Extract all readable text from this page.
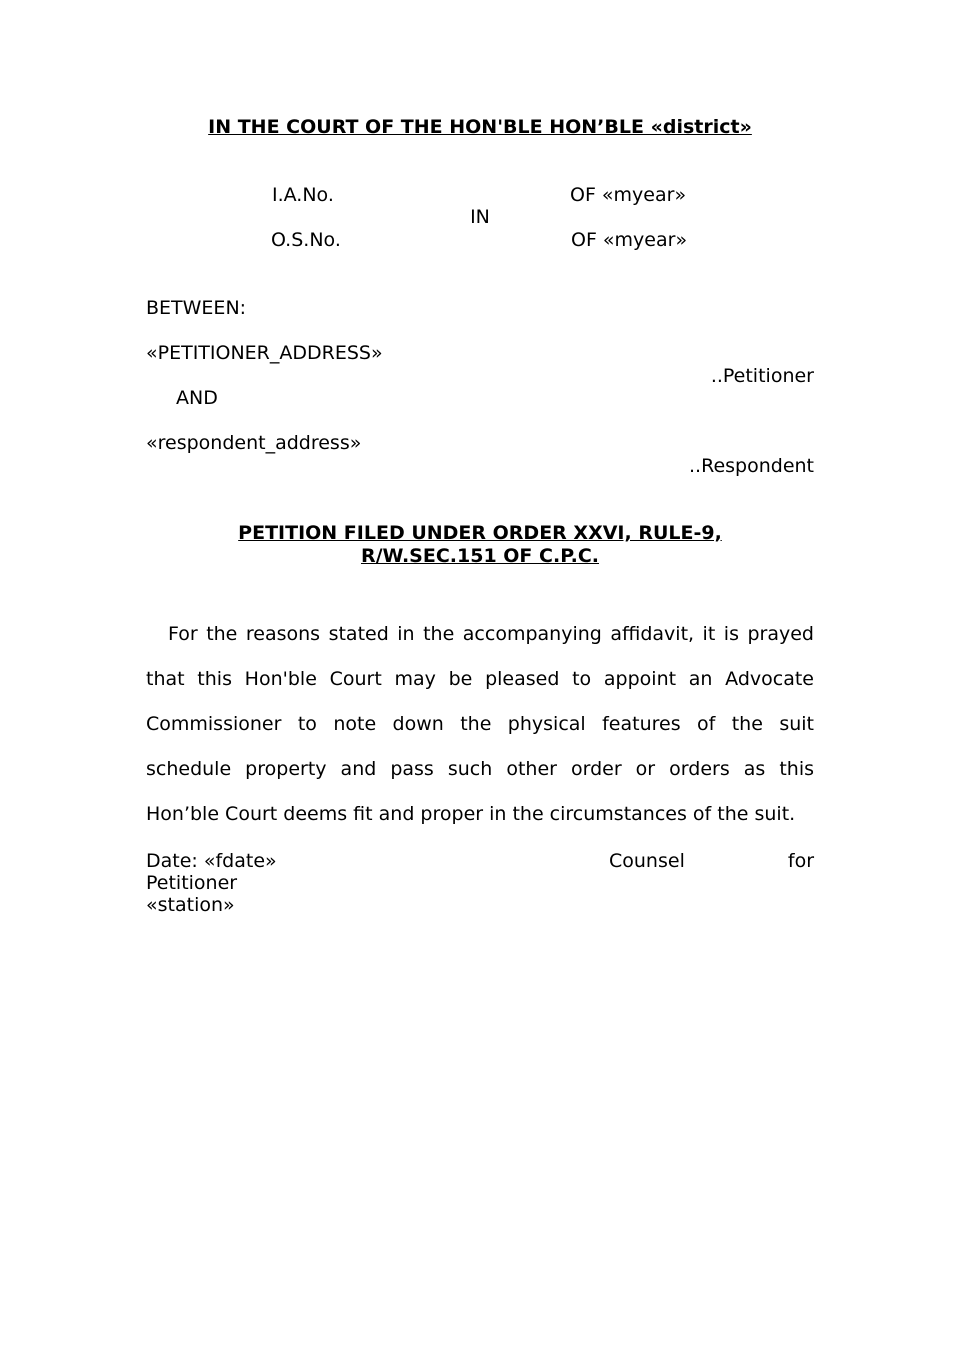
IN THE COURT OF THE HON'BLE HON’BLE «district»
I.A.No.	OF «myear»
IN
O.S.No.	OF «myear»
BETWEEN:
«PETITIONER_ADDRESS»
..Petitioner
AND
«respondent_address»
..Respondent
PETITION FILED UNDER ORDER XXVI, RULE-9,
R/W.SEC.151 OF C.P.C.
For the reasons stated in the accompanying affidavit, it is prayed
that this Hon'ble Court may be pleased to appoint an Advocate
Commissioner to note down the physical features of the suit
schedule property and pass such other order or orders as this
Hon’ble Court deems fit and proper in the circumstances of the suit.
Date: «fdate»	Counsel	for
Petitioner
«station»
